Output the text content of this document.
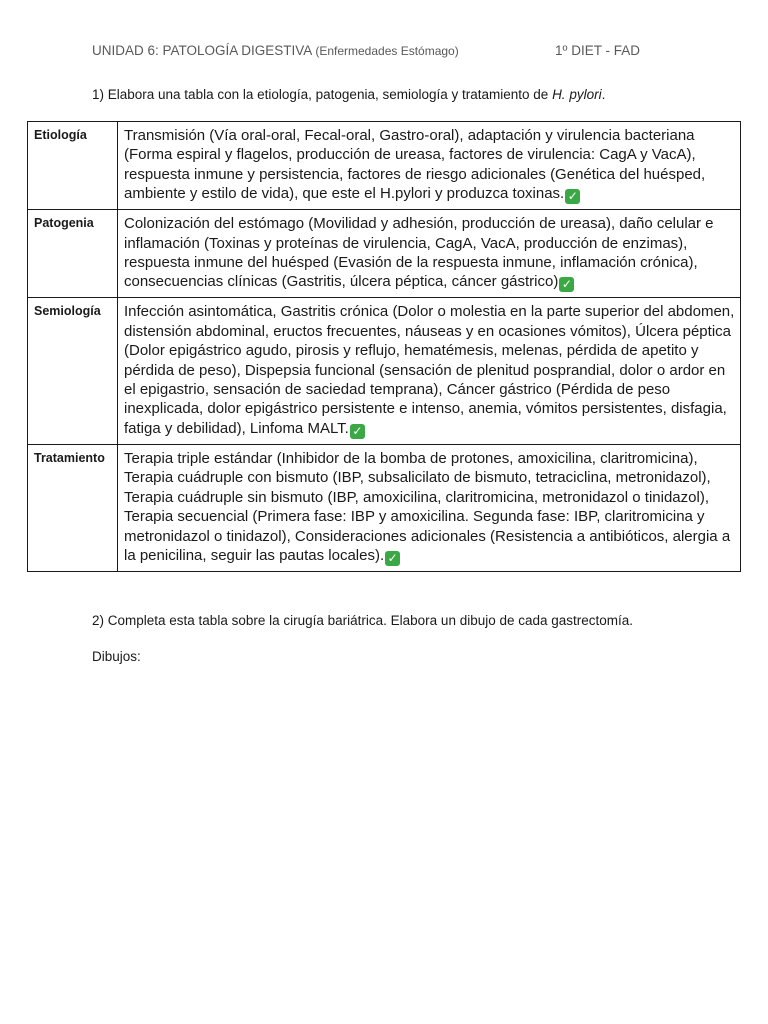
UNIDAD 6: PATOLOGÍA DIGESTIVA (Enfermedades Estómago)	1º DIET - FAD
1) Elabora una tabla con la etiología, patogenia, semiología y tratamiento de H. pylori.
Etiología	Transmisión (Vía oral-oral, Fecal-oral, Gastro-oral), adaptación y virulencia bacteriana (Forma espiral y flagelos, producción de ureasa, factores de virulencia: CagA y VacA), respuesta inmune y persistencia, factores de riesgo adicionales (Genética del huésped, ambiente y estilo de vida), que este el H.pylori y produzca toxinas. ✓
Patogenia	Colonización del estómago (Movilidad y adhesión, producción de ureasa), daño celular e inflamación (Toxinas y proteínas de virulencia, CagA, VacA, producción de enzimas), respuesta inmune del huésped (Evasión de la respuesta inmune, inflamación crónica), consecuencias clínicas (Gastritis, úlcera péptica, cáncer gástrico) ✓
Semiología	Infección asintomática, Gastritis crónica (Dolor o molestia en la parte superior del abdomen, distensión abdominal, eructos frecuentes, náuseas y en ocasiones vómitos), Úlcera péptica (Dolor epigástrico agudo, pirosis y reflujo, hematémesis, melenas, pérdida de apetito y pérdida de peso), Dispepsia funcional (sensación de plenitud posprandial, dolor o ardor en el epigastrio, sensación de saciedad temprana), Cáncer gástrico (Pérdida de peso inexplicada, dolor epigástrico persistente e intenso, anemia, vómitos persistentes, disfagia, fatiga y debilidad), Linfoma MALT. ✓
Tratamiento	Terapia triple estándar (Inhibidor de la bomba de protones, amoxicilina, claritromicina), Terapia cuádruple con bismuto (IBP, subsalicilato de bismuto, tetraciclina, metronidazol), Terapia cuádruple sin bismuto (IBP, amoxicilina, claritromicina, metronidazol o tinidazol), Terapia secuencial (Primera fase: IBP y amoxicilina. Segunda fase: IBP, claritromicina y metronidazol o tinidazol), Consideraciones adicionales (Resistencia a antibióticos, alergia a la penicilina, seguir las pautas locales). ✓
2) Completa esta tabla sobre la cirugía bariátrica. Elabora un dibujo de cada gastrectomía.
Dibujos:
